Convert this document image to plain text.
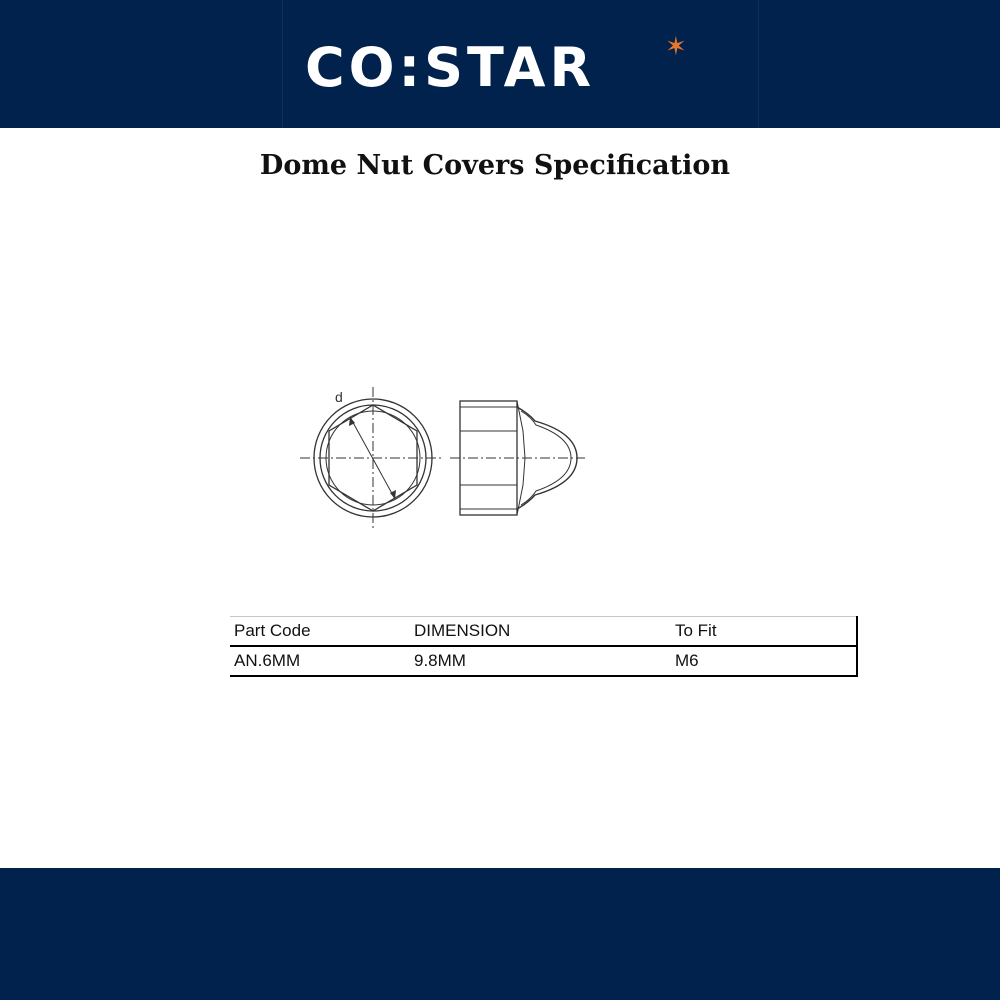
CO:STAR	✶
Dome Nut Covers Specification
d
Part Code	DIMENSION	To Fit
AN.6MM	9.8MM	M6
